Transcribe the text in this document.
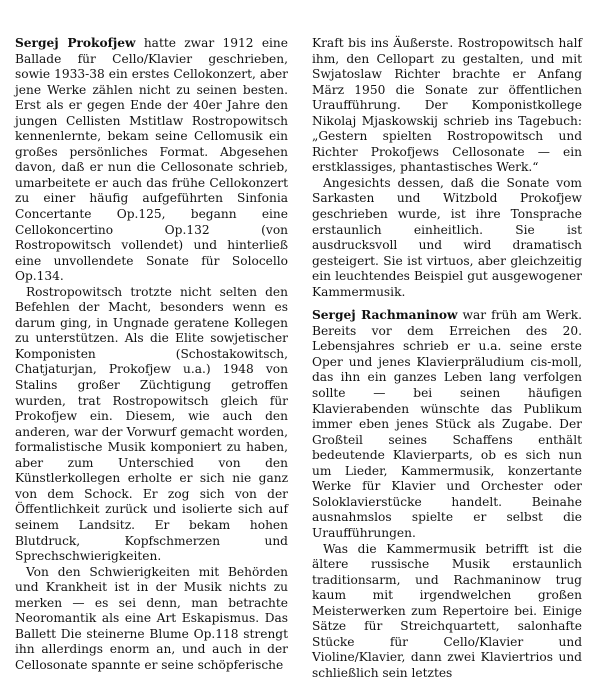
Sergej Prokofjew hatte zwar 1912 eine Ballade für Cello/Klavier geschrieben, sowie 1933-38 ein erstes Cellokonzert, aber jene Werke zählen nicht zu seinen besten. Erst als er gegen Ende der 40er Jahre den jungen Cellisten Mstitlaw Rostropowitsch kennenlernte, bekam seine Cellomusik ein großes persönliches Format. Abgesehen davon, daß er nun die Cellosonate schrieb, umarbeitete er auch das frühe Cellokonzert zu einer häufig aufgeführten Sinfonia Concertante Op.125, begann eine Cellokoncertino Op.132 (von Rostropowitsch vollendet) und hinterließ eine unvollendete Sonate für Solocello Op.134.

Rostropowitsch trotzte nicht selten den Befehlen der Macht, besonders wenn es darum ging, in Ungnade geratene Kollegen zu unterstützen. Als die Elite sowjetischer Komponisten (Schostakowitsch, Chatjaturjan, Prokofjew u.a.) 1948 von Stalins großer Züchtigung getroffen wurden, trat Rostropowitsch gleich für Prokofjew ein. Diesem, wie auch den anderen, war der Vorwurf gemacht worden, formalistische Musik komponiert zu haben, aber zum Unterschied von den Künstlerkollegen erholte er sich nie ganz von dem Schock. Er zog sich von der Öffentlichkeit zurück und isolierte sich auf seinem Landsitz. Er bekam hohen Blutdruck, Kopfschmerzen und Sprechschwierigkeiten.

Von den Schwierigkeiten mit Behörden und Krankheit ist in der Musik nichts zu merken — es sei denn, man betrachte Neoromantik als eine Art Eskapismus. Das Ballett Die steinerne Blume Op.118 strengt ihn allerdings enorm an, und auch in der Cellosonate spannte er seine schöpferische

Kraft bis ins Äußerste. Rostropowitsch half ihm, den Cellopart zu gestalten, und mit Swjatoslaw Richter brachte er Anfang März 1950 die Sonate zur öffentlichen Uraufführung. Der Komponistkollege Nikolaj Mjaskowskij schrieb ins Tagebuch: „Gestern spielten Rostropowitsch und Richter Prokofjews Cellosonate — ein erstklassiges, phantastisches Werk.“

Angesichts dessen, daß die Sonate vom Sarkasten und Witzbold Prokofjew geschrieben wurde, ist ihre Tonsprache erstaunlich einheitlich. Sie ist ausdrucksvoll und wird dramatisch gesteigert. Sie ist virtuos, aber gleichzeitig ein leuchtendes Beispiel gut ausgewogener Kammermusik.

Sergej Rachmaninow war früh am Werk. Bereits vor dem Erreichen des 20. Lebensjahres schrieb er u.a. seine erste Oper und jenes Klavierpräludium cis-moll, das ihn ein ganzes Leben lang verfolgen sollte — bei seinen häufigen Klavierabenden wünschte das Publikum immer eben jenes Stück als Zugabe. Der Großteil seines Schaffens enthält bedeutende Klavierparts, ob es sich nun um Lieder, Kammermusik, konzertante Werke für Klavier und Orchester oder Soloklavierstücke handelt. Beinahe ausnahmslos spielte er selbst die Uraufführungen.

Was die Kammermusik betrifft ist die ältere russische Musik erstaunlich traditionsarm, und Rachmaninow trug kaum mit irgendwelchen großen Meisterwerken zum Repertoire bei. Einige Sätze für Streichquartett, salonhafte Stücke für Cello/Klavier und Violine/Klavier, dann zwei Klaviertrios und schließlich sein letztes
